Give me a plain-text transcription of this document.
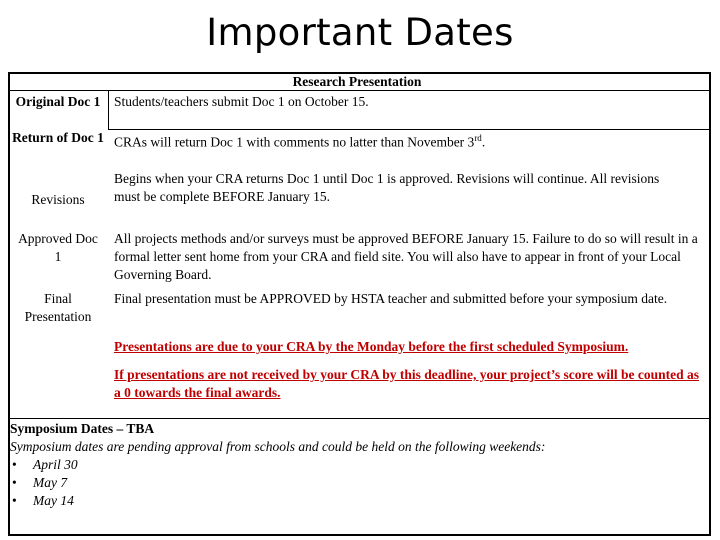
Important Dates
Research Presentation
Original Doc 1	Students/teachers submit Doc 1 on October 15.
Return of Doc 1 CRAs will return Doc 1 with comments no latter than November 3rd.
Revisions
Begins when your CRA returns Doc 1 until Doc 1 is approved. Revisions will continue. All revisions must be complete BEFORE January 15.
Approved Doc 1
All projects methods and/or surveys must be approved BEFORE January 15. Failure to do so will result in a formal letter sent home from your CRA and field site. You will also have to appear in front of your Local Governing Board.
Final Presentation
Final presentation must be APPROVED by HSTA teacher and submitted before your symposium date.
Presentations are due to your CRA by the Monday before the first scheduled Symposium.
If presentations are not received by your CRA by this deadline, your project’s score will be counted as a 0 towards the final awards.
Symposium Dates – TBA
Symposium dates are pending approval from schools and could be held on the following weekends:
• April 30
• May 7
• May 14
